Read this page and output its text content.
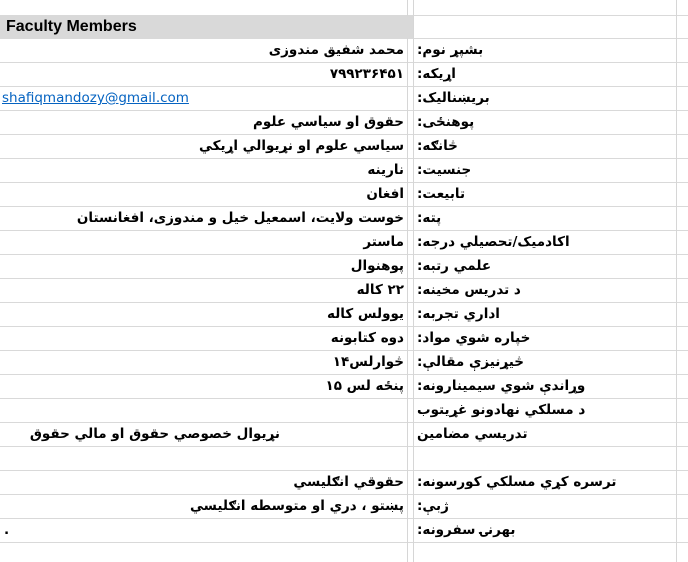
Faculty Members
محمد شفیق مندوزی بشپړ نوم:
۷۹۹۲۳۶۴۵۱ اړیکه:
shafiqmandozy@gmail.com	بریښنالیک:
حقوق او سیاسي علوم پوهنځی:
سیاسي علوم او نړیوالي اړیکي څانګه:
نارینه جنسیت:
افغان تابیعت:
خوست ولایت، اسمعیل خیل و مندوزی، افغانستان پته:
ماستر اکادمیک/تحصیلي درجه:
پوهنوال علمي رتبه:
۲۲ کاله د تدریس مخینه:
یوولس کاله اداري تجربه:
دوه کتابونه خپاره شوي مواد:
څوارلس۱۴ څیړنیزې مقالې:
پنځه لس ۱۵ وړاندې شوي سیمینارونه:
د مسلکي نهادونو غړیتوب
نړیوال خصوصي حقوق او مالي حقوق	تدریسي مضامین
حقوقي انګلیسي ترسره کړي مسلکي کورسونه:
پښتو ، دري او متوسطه انګلیسي ژبې:
.	بهرنۍ سفرونه:
